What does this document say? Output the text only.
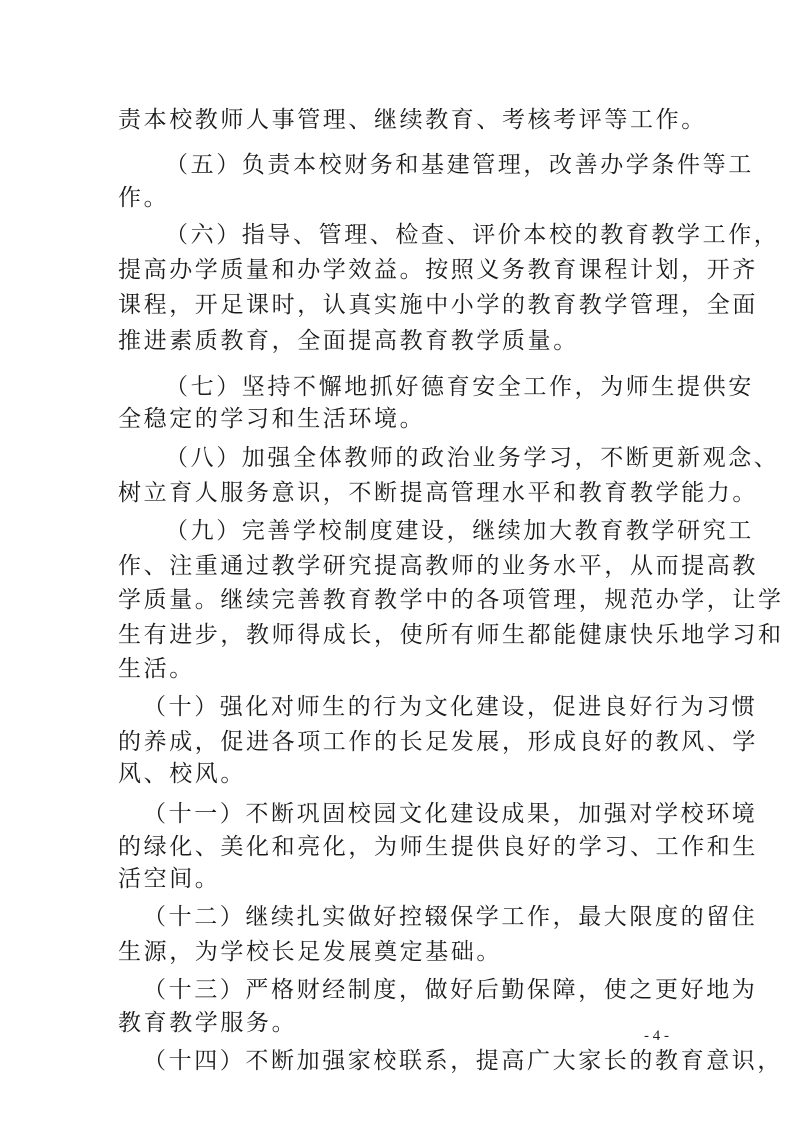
责本校教师人事管理、继续教育、考核考评等工作。
（五）负责本校财务和基建管理，改善办学条件等工
作。
（六）指导、管理、检查、评价本校的教育教学工作，
提高办学质量和办学效益。按照义务教育课程计划，开齐
课程，开足课时，认真实施中小学的教育教学管理，全面
推进素质教育，全面提高教育教学质量。
（七）坚持不懈地抓好德育安全工作，为师生提供安
全稳定的学习和生活环境。
（八）加强全体教师的政治业务学习，不断更新观念、
树立育人服务意识，不断提高管理水平和教育教学能力。
（九）完善学校制度建设，继续加大教育教学研究工
作、注重通过教学研究提高教师的业务水平，从而提高教
学质量。继续完善教育教学中的各项管理，规范办学，让学
生有进步，教师得成长，使所有师生都能健康快乐地学习和
生活。
（十）强化对师生的行为文化建设，促进良好行为习惯
的养成，促进各项工作的长足发展，形成良好的教风、学
风、校风。
（十一）不断巩固校园文化建设成果，加强对学校环境
的绿化、美化和亮化，为师生提供良好的学习、工作和生
活空间。
（十二）继续扎实做好控辍保学工作，最大限度的留住
生源，为学校长足发展奠定基础。
（十三）严格财经制度，做好后勤保障，使之更好地为
教育教学服务。
（十四）不断加强家校联系，提高广大家长的教育意识，
- 4 -
